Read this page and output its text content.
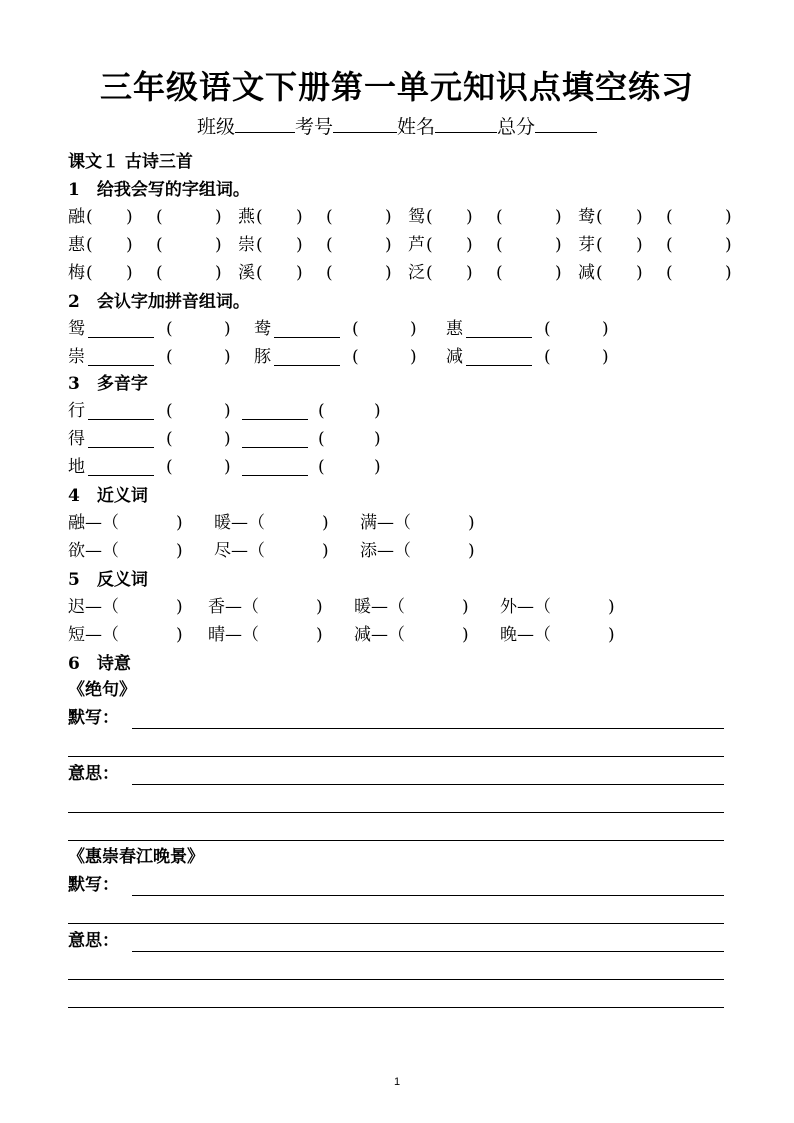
三年级语文下册第一单元知识点填空练习
班级	考号	姓名	总分
课文１ 古诗三首
1　给我会写的字组词。
融 ( ) (	) 燕 ( ) (	) 鸳 ( ) (	) 鸯 ( ) (	)
惠 ( ) (	) 崇 ( ) (	) 芦 ( ) (	) 芽 ( ) (	)
梅 ( ) (	) 溪 ( ) (	) 泛 ( ) (	) 减 ( ) (	)
2　会认字加拼音组词。
鸳	(	) 鸯	(	) 惠	(	)
崇	(	) 豚	(	) 减	(	)
3　多音字
行	(	)	(	)
得	(	)	(	)
地	(	)	(	)
4　近义词
融—（	) 暖—（	) 满—（	)
欲—（	) 尽—（	) 添—（	)
5　反义词
迟—（	) 香—（	) 暖—（	) 外—（	)
短—（	) 晴—（	) 减—（	) 晚—（	)
6　诗意
《绝句》
默写：
意思：
《惠崇春江晚景》
默写：
意思：
1
